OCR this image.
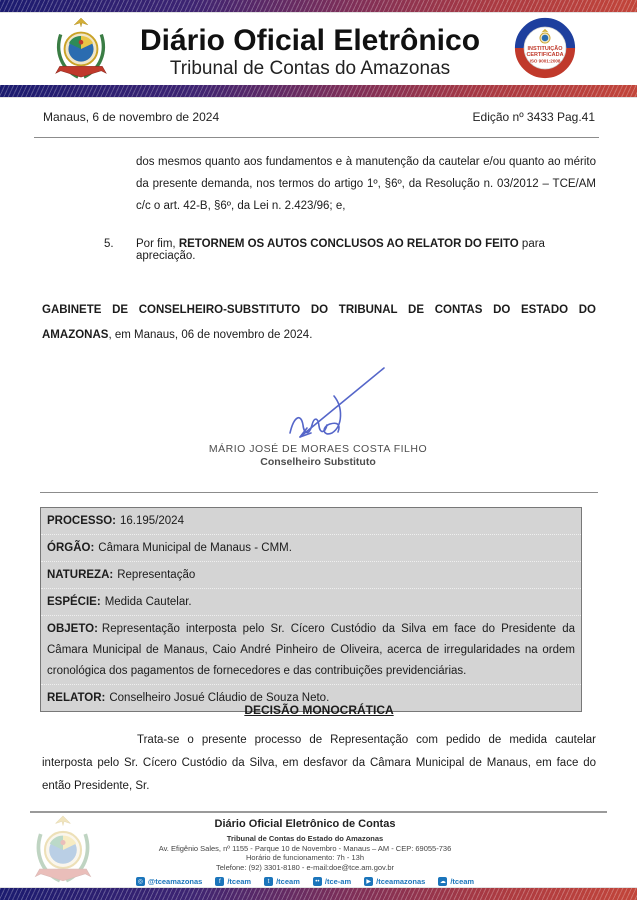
Diário Oficial Eletrônico
Tribunal de Contas do Amazonas
INSTITUIÇÃO
CERTIFICADA
ISO 9001:2008
Manaus, 6 de novembro de 2024	Edição nº 3433 Pag.41
dos mesmos quanto aos fundamentos e à manutenção da cautelar e/ou quanto ao mérito da presente demanda, nos termos do artigo 1º, §6º, da Resolução n. 03/2012 – TCE/AM c/c o art. 42-B, §6º, da Lei n. 2.423/96; e,
5. Por fim, RETORNEM OS AUTOS CONCLUSOS AO RELATOR DO FEITO para apreciação.
GABINETE DE CONSELHEIRO-SUBSTITUTO DO TRIBUNAL DE CONTAS DO ESTADO DO AMAZONAS, em Manaus, 06 de novembro de 2024.
MÁRIO JOSÉ DE MORAES COSTA FILHO
Conselheiro Substituto
PROCESSO: 16.195/2024
ÓRGÃO: Câmara Municipal de Manaus - CMM.
NATUREZA: Representação
ESPÉCIE: Medida Cautelar.
OBJETO: Representação interposta pelo Sr. Cícero Custódio da Silva em face do Presidente da Câmara Municipal de Manaus, Caio André Pinheiro de Oliveira, acerca de irregularidades na ordem cronológica dos pagamentos de fornecedores e das contribuições previdenciárias.
RELATOR: Conselheiro Josué Cláudio de Souza Neto.
DECISÃO MONOCRÁTICA
Trata-se o presente processo de Representação com pedido de medida cautelar interposta pelo Sr. Cícero Custódio da Silva, em desfavor da Câmara Municipal de Manaus, em face do então Presidente, Sr.
Diário Oficial Eletrônico de Contas
Tribunal de Contas do Estado do Amazonas
Av. Efigênio Sales, nº 1155 - Parque 10 de Novembro - Manaus – AM - CEP: 69055-736
Horário de funcionamento: 7h - 13h
Telefone: (92) 3301-8180 - e-mail:doe@tce.am.gov.br
◎ @tceamazonas	f /tceam	t /tceam	•• /tce-am	▶ /tceamazonas ☁ /tceam
